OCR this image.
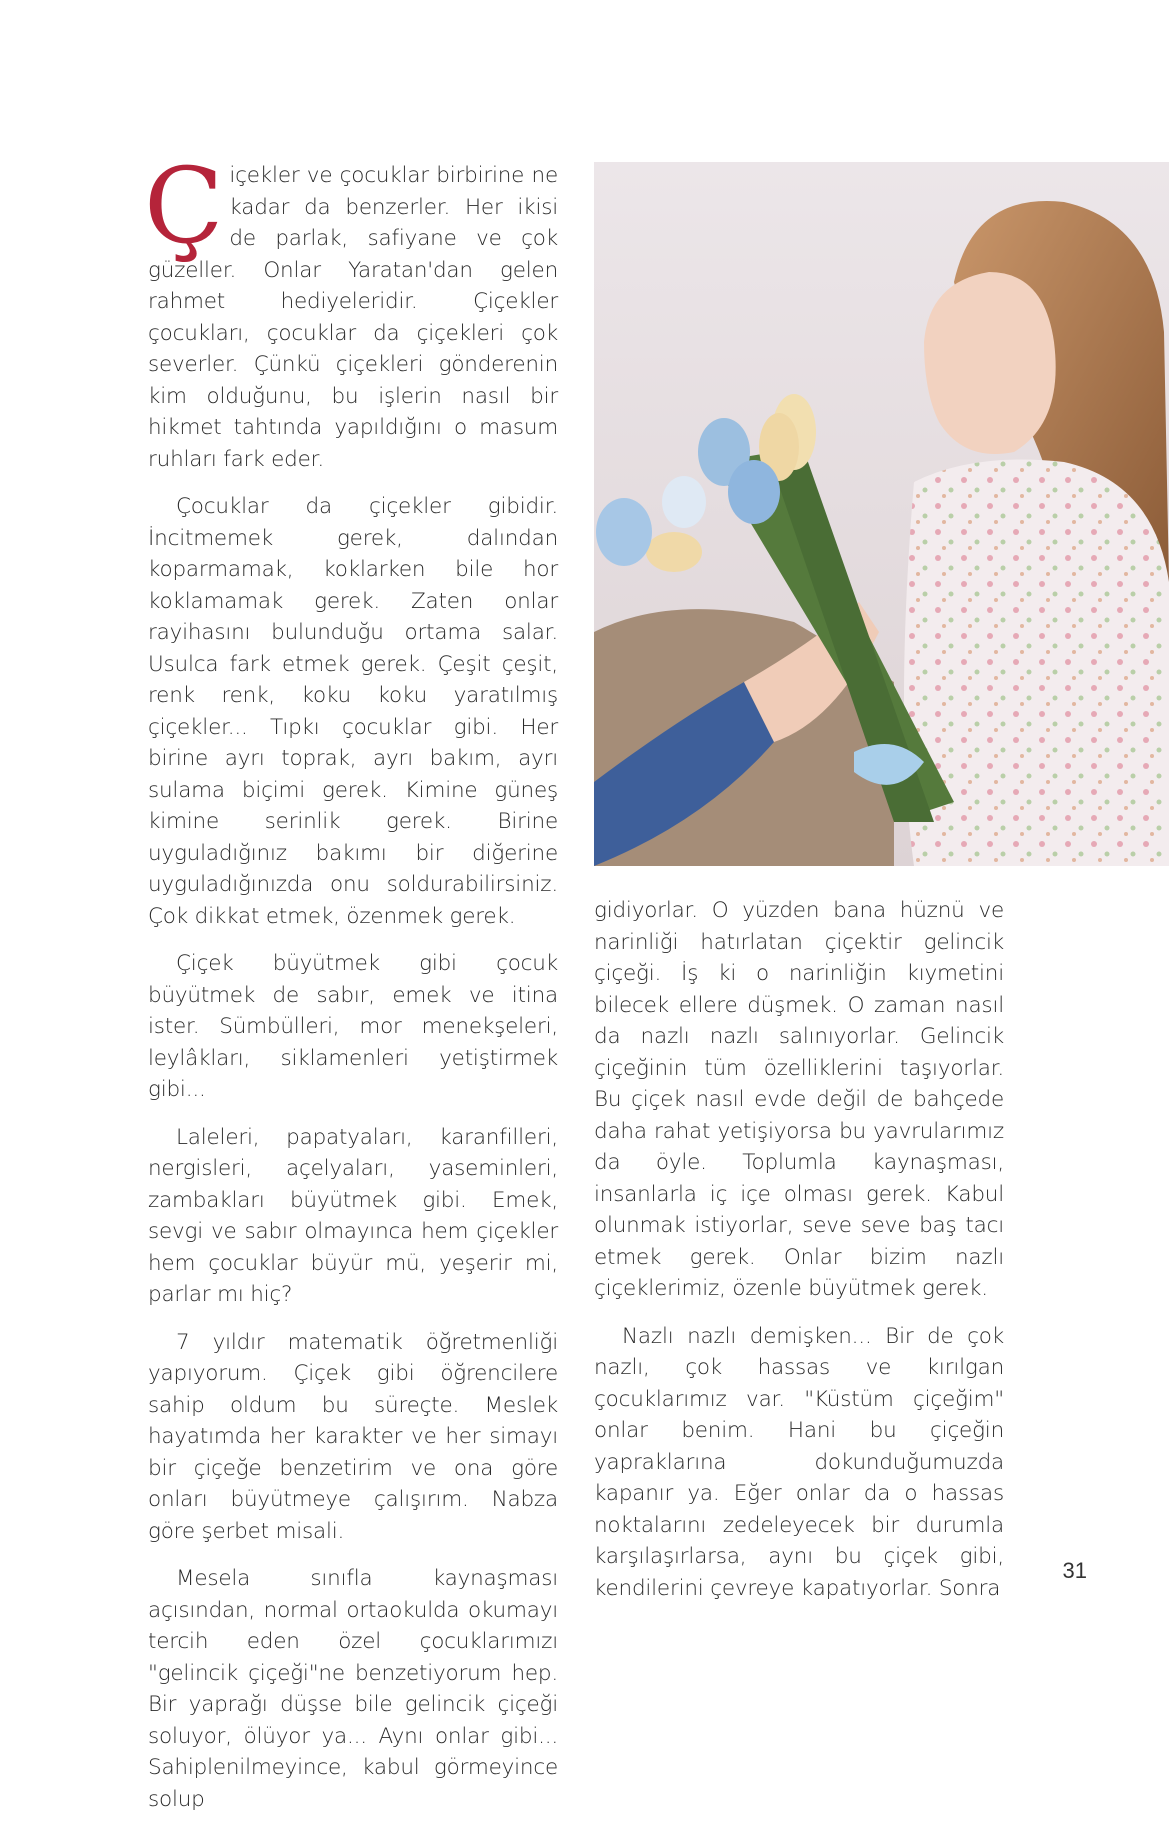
Çiçekler ve çocuklar birbirine ne kadar da benzerler. Her ikisi de parlak, safiyane ve çok güzeller. Onlar Yaratan'dan gelen rahmet hediyeleridir. Çiçekler çocukları, çocuklar da çiçekleri çok severler. Çünkü çiçekleri gönderenin kim olduğunu, bu işlerin nasıl bir hikmet tahtında yapıldığını o masum ruhları fark eder.

Çocuklar da çiçekler gibidir. İncitmemek gerek, dalından koparmamak, koklarken bile hor koklamamak gerek. Zaten onlar rayihasını bulunduğu ortama salar. Usulca fark etmek gerek. Çeşit çeşit, renk renk, koku koku yaratılmış çiçekler... Tıpkı çocuklar gibi. Her birine ayrı toprak, ayrı bakım, ayrı sulama biçimi gerek. Kimine güneş kimine serinlik gerek. Birine uyguladığınız bakımı bir diğerine uyguladığınızda onu soldurabilirsiniz. Çok dikkat etmek, özenmek gerek.

Çiçek büyütmek gibi çocuk büyütmek de sabır, emek ve itina ister. Sümbülleri, mor menekşeleri, leylâkları, siklamenleri yetiştirmek gibi...

Laleleri, papatyaları, karanfilleri, nergisleri, açelyaları, yaseminleri, zambakları büyütmek gibi. Emek, sevgi ve sabır olmayınca hem çiçekler hem çocuklar büyür mü, yeşerir mi, parlar mı hiç?

7 yıldır matematik öğretmenliği yapıyorum. Çiçek gibi öğrencilere sahip oldum bu süreçte. Meslek hayatımda her karakter ve her simayı bir çiçeğe benzetirim ve ona göre onları büyütmeye çalışırım. Nabza göre şerbet misali.

Mesela sınıfla kaynaşması açısından, normal ortaokulda okumayı tercih eden özel çocuklarımızı "gelincik çiçeği"ne benzetiyorum hep. Bir yaprağı düşse bile gelincik çiçeği soluyor, ölüyor ya... Aynı onlar gibi... Sahiplenilmeyince, kabul görmeyince solup

gidiyorlar. O yüzden bana hüznü ve narinliği hatırlatan çiçektir gelincik çiçeği. İş ki o narinliğin kıymetini bilecek ellere düşmek. O zaman nasıl da nazlı nazlı salınıyorlar. Gelincik çiçeğinin tüm özelliklerini taşıyorlar. Bu çiçek nasıl evde değil de bahçede daha rahat yetişiyorsa bu yavrularımız da öyle. Toplumla kaynaşması, insanlarla iç içe olması gerek. Kabul olunmak istiyorlar, seve seve baş tacı etmek gerek. Onlar bizim nazlı çiçeklerimiz, özenle büyütmek gerek.

Nazlı nazlı demişken... Bir de çok nazlı, çok hassas ve kırılgan çocuklarımız var. "Küstüm çiçeğim" onlar benim. Hani bu çiçeğin yapraklarına dokunduğumuzda kapanır ya. Eğer onlar da o hassas noktalarını zedeleyecek bir durumla karşılaşırlarsa, aynı bu çiçek gibi, kendilerini çevreye kapatıyorlar. Sonra

31
